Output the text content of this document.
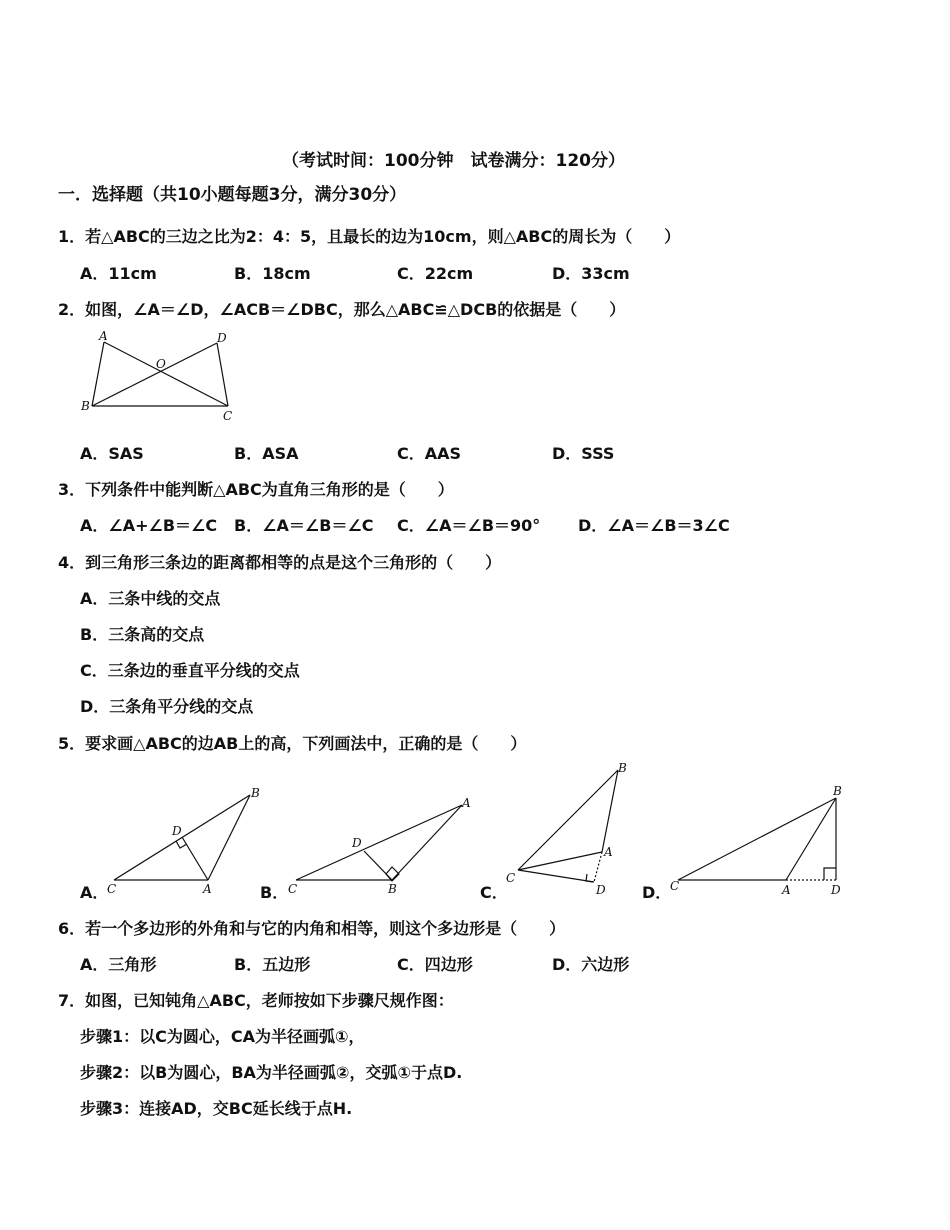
（考试时间：100分钟　试卷满分：120分）
一．选择题（共10小题每题3分，满分30分）
1．若△ABC的三边之比为2：4：5，且最长的边为10cm，则△ABC的周长为（　　）
A．11cm	B．18cm	C．22cm	D．33cm
2．如图，∠A＝∠D，∠ACB＝∠DBC，那么△ABC≌△DCB的依据是（　　）
A	D
O
B
C
A．SAS	B．ASA	C．AAS	D．SSS
3．下列条件中能判断△ABC为直角三角形的是（　　）
A．∠A+∠B＝∠C B．∠A＝∠B＝∠C C．∠A＝∠B＝90° D．∠A＝∠B＝3∠C
4．到三角形三条边的距离都相等的点是这个三角形的（　　）
A．三条中线的交点
B．三条高的交点
C．三条边的垂直平分线的交点
D．三条角平分线的交点
5．要求画△ABC的边AB上的高，下列画法中，正确的是（　　）
A．
B
D
C	A	B．
A
D
C	B	C．
B
A
C
D D．
B
C	A	D
6．若一个多边形的外角和与它的内角和相等，则这个多边形是（　　）
A．三角形	B．五边形	C．四边形	D．六边形
7．如图，已知钝角△ABC，老师按如下步骤尺规作图：
步骤1：以C为圆心，CA为半径画弧①，
步骤2：以B为圆心，BA为半径画弧②，交弧①于点D.
步骤3：连接AD，交BC延长线于点H.
